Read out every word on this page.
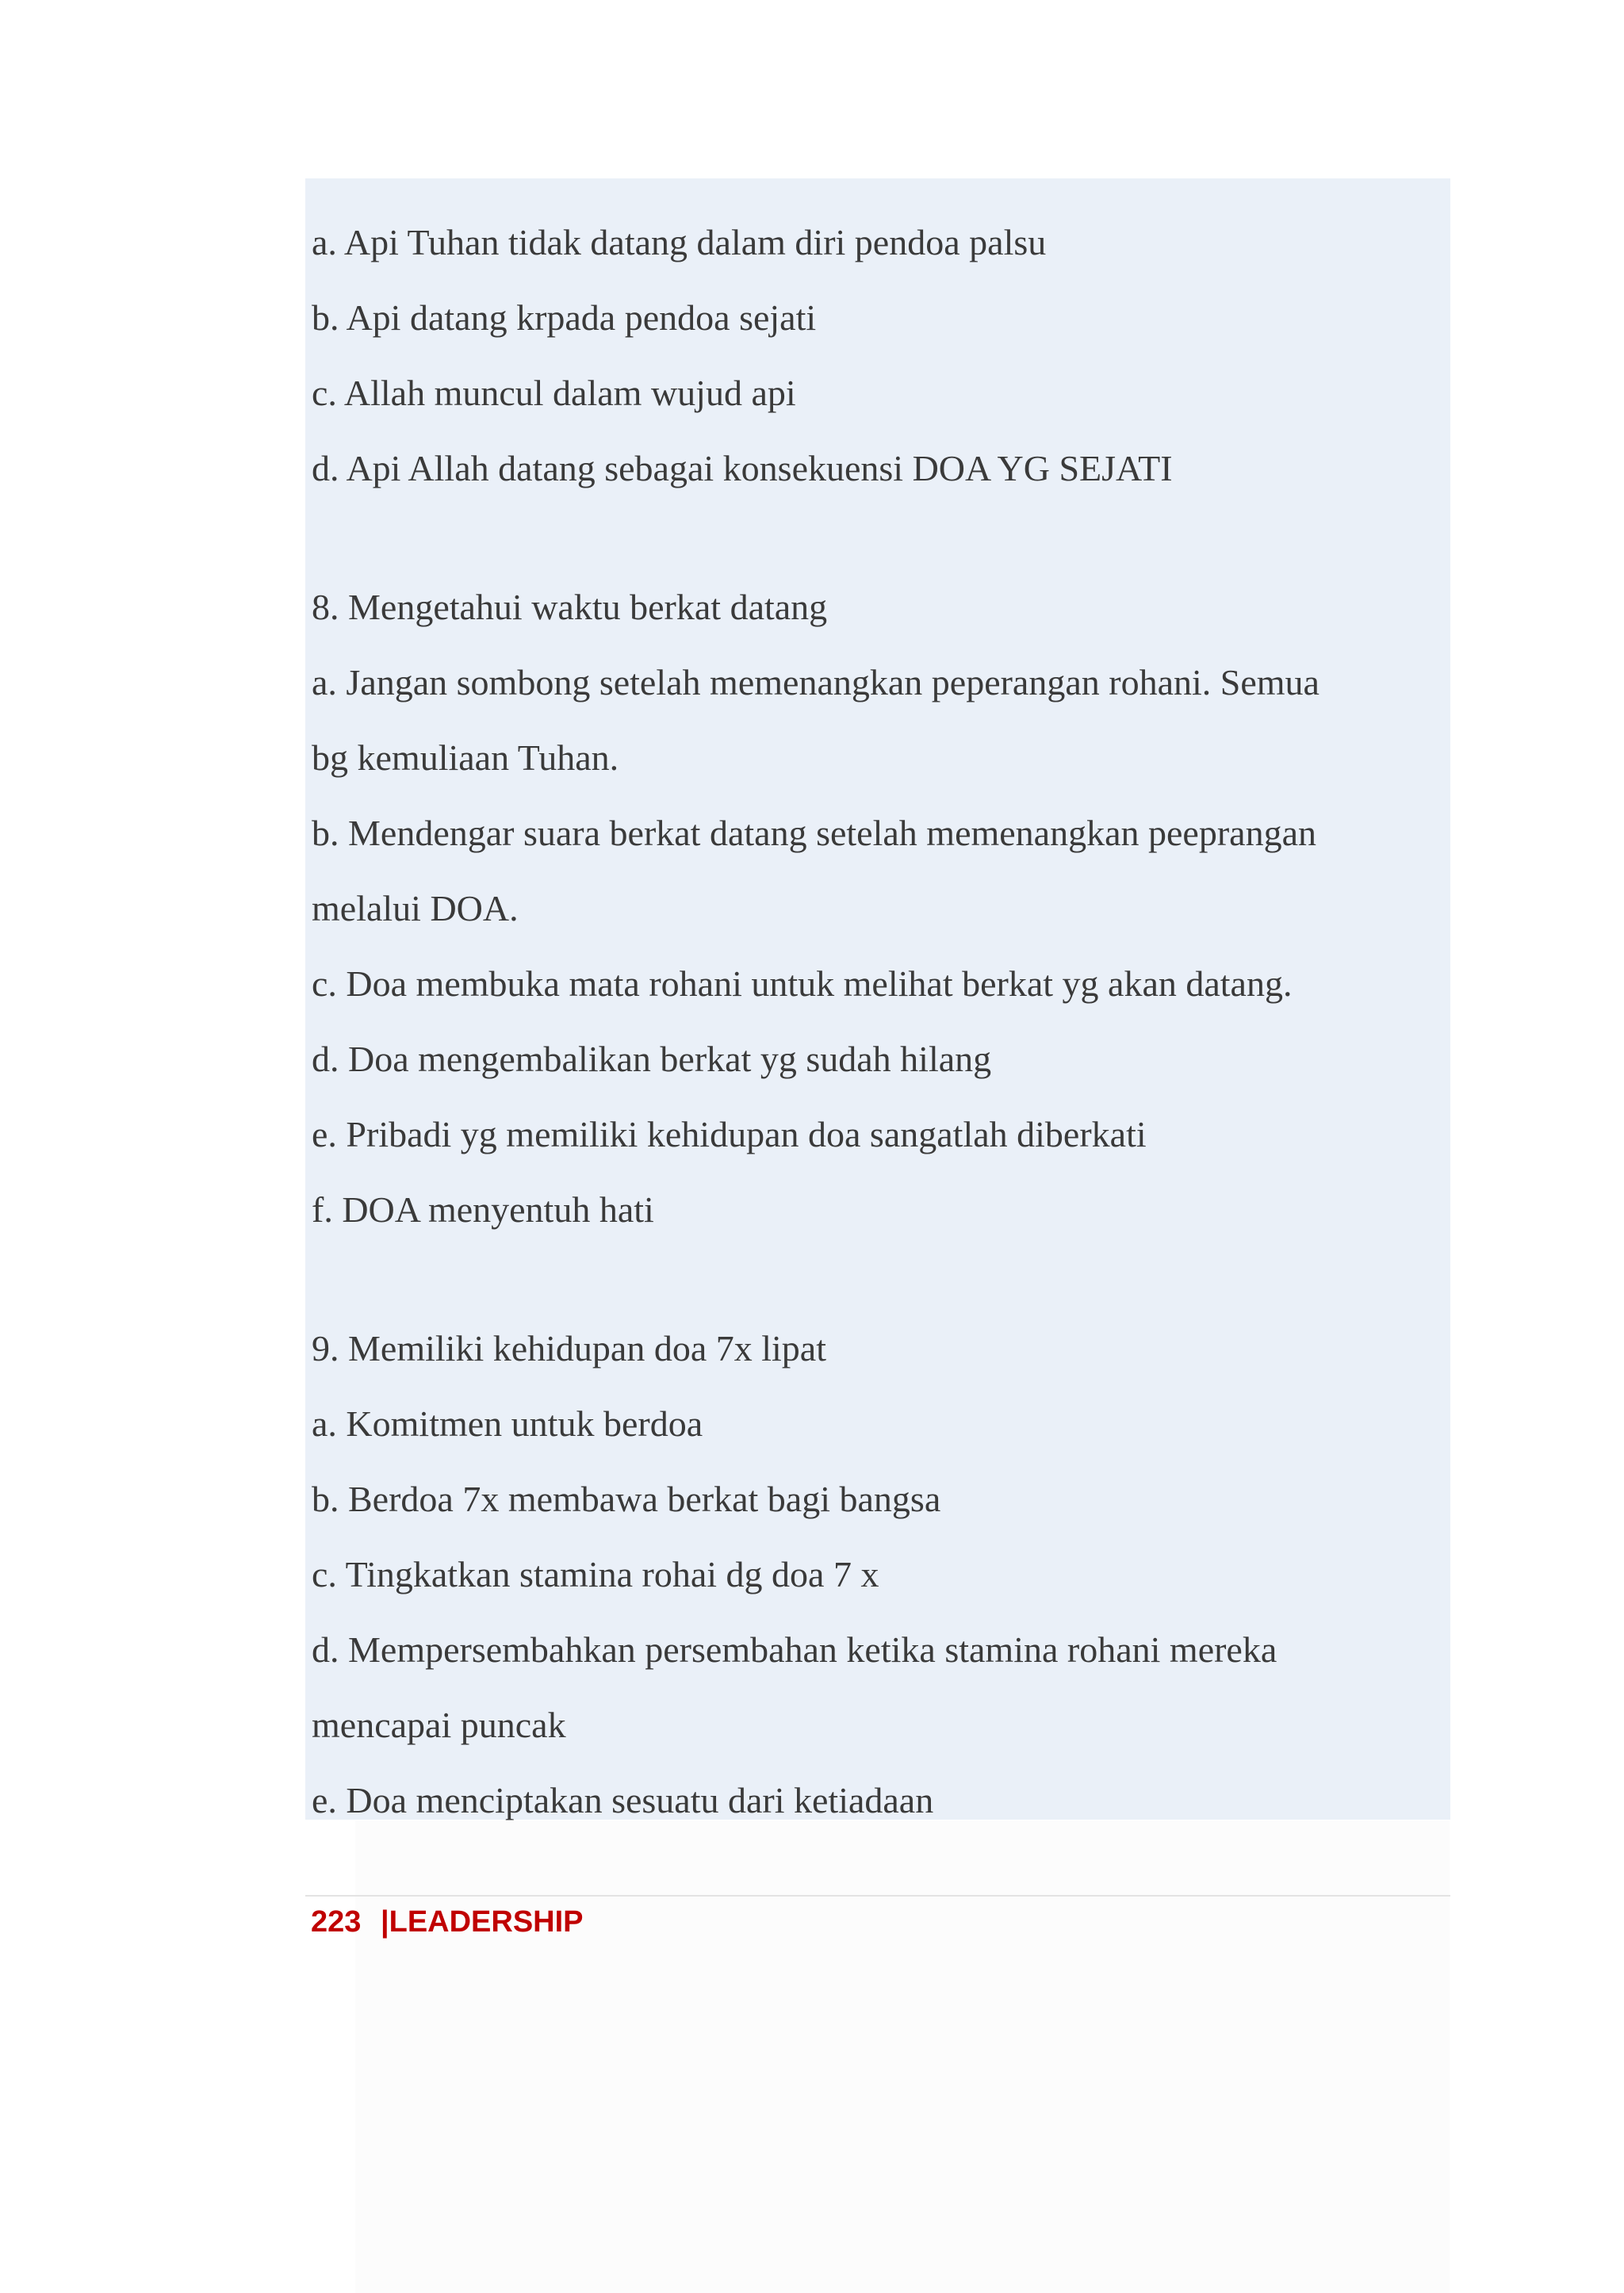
a. Api Tuhan tidak datang dalam diri pendoa palsu
b. Api datang krpada pendoa sejati
c. Allah muncul dalam wujud api
d. Api Allah datang sebagai konsekuensi DOA YG SEJATI
8. Mengetahui waktu berkat datang
a. Jangan sombong setelah memenangkan peperangan rohani. Semua
bg kemuliaan Tuhan.
b. Mendengar suara berkat datang setelah memenangkan peeprangan
melalui DOA.
c. Doa membuka mata rohani untuk melihat berkat yg akan datang.
d. Doa mengembalikan berkat yg sudah hilang
e. Pribadi yg memiliki kehidupan doa sangatlah diberkati
f. DOA menyentuh hati
9. Memiliki kehidupan doa 7x lipat
a. Komitmen untuk berdoa
b. Berdoa 7x membawa berkat bagi bangsa
c. Tingkatkan stamina rohai dg doa 7 x
d. Mempersembahkan persembahan ketika stamina rohani mereka
mencapai puncak
e. Doa menciptakan sesuatu dari ketiadaan
223 |LEADERSHIP
